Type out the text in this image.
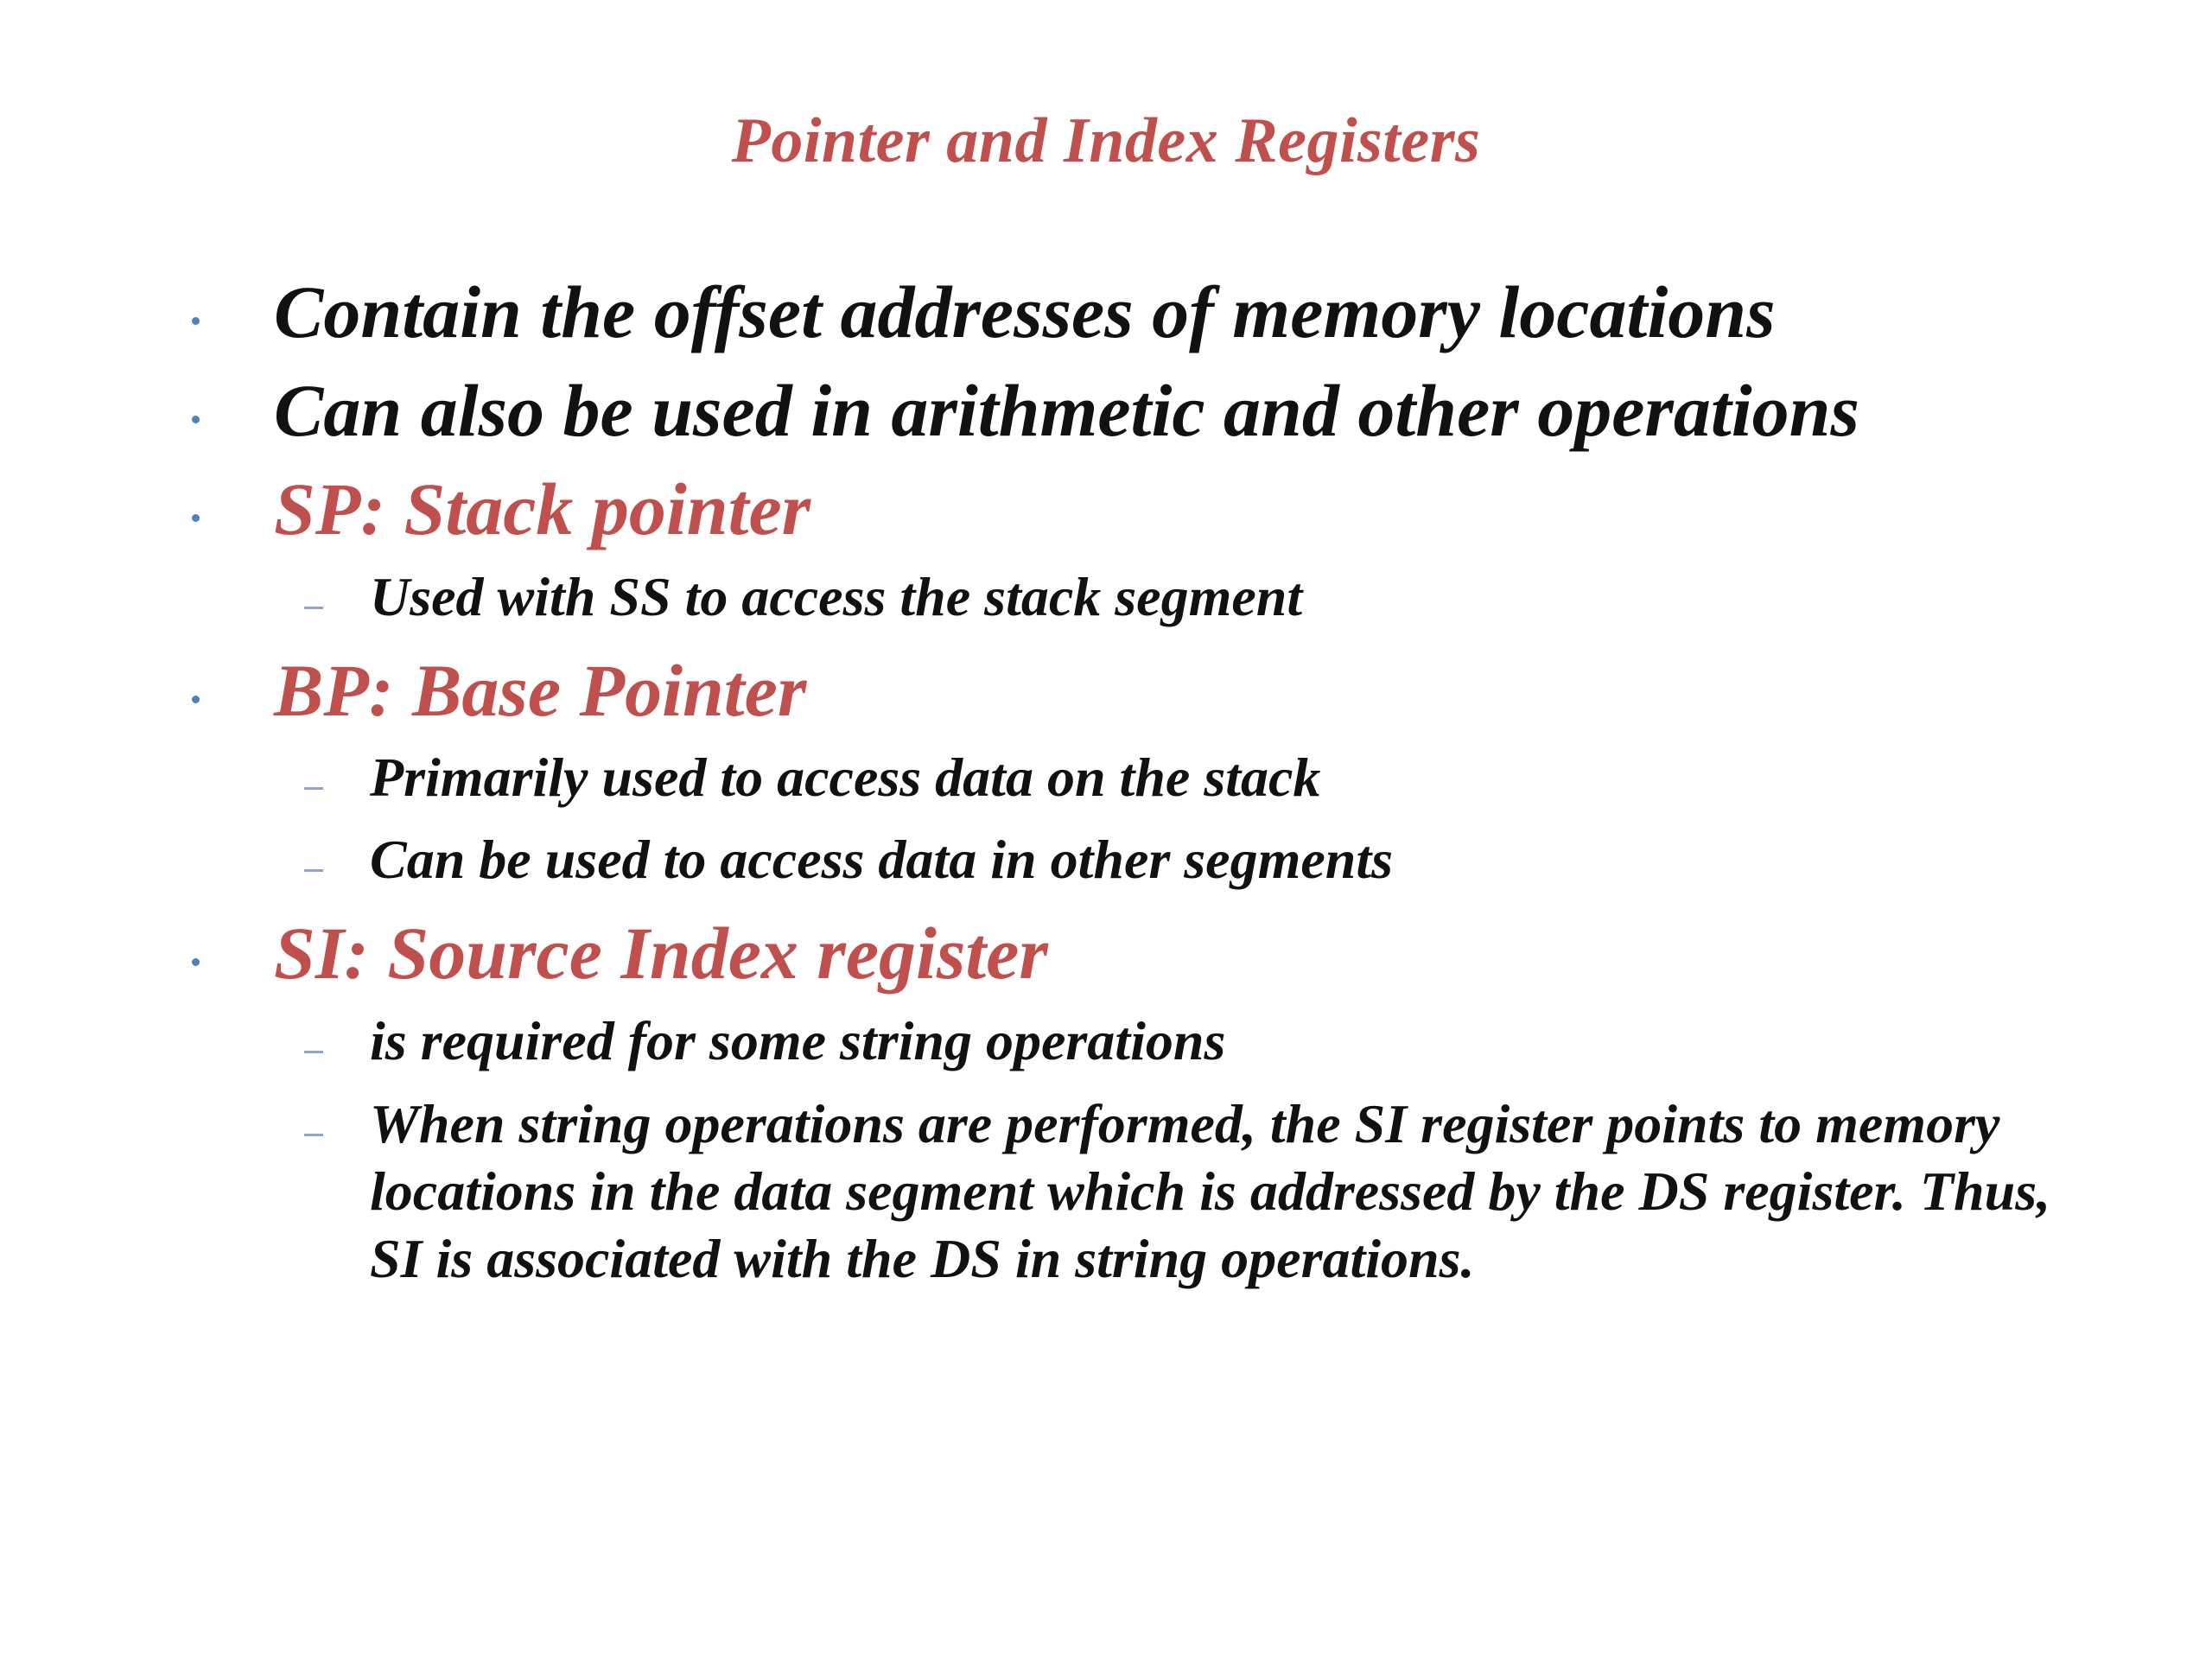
Pointer and Index Registers
Contain the offset addresses of memory locations
Can also be used in arithmetic and other operations
SP: Stack pointer
Used with SS to access the stack segment
BP: Base Pointer
Primarily used to access data on the stack
Can be used to access data in other segments
SI: Source Index register
is required for some string operations
When string operations are performed, the SI register points to memory locations in the data segment which is addressed by the DS register. Thus, SI is associated with the DS in string operations.
